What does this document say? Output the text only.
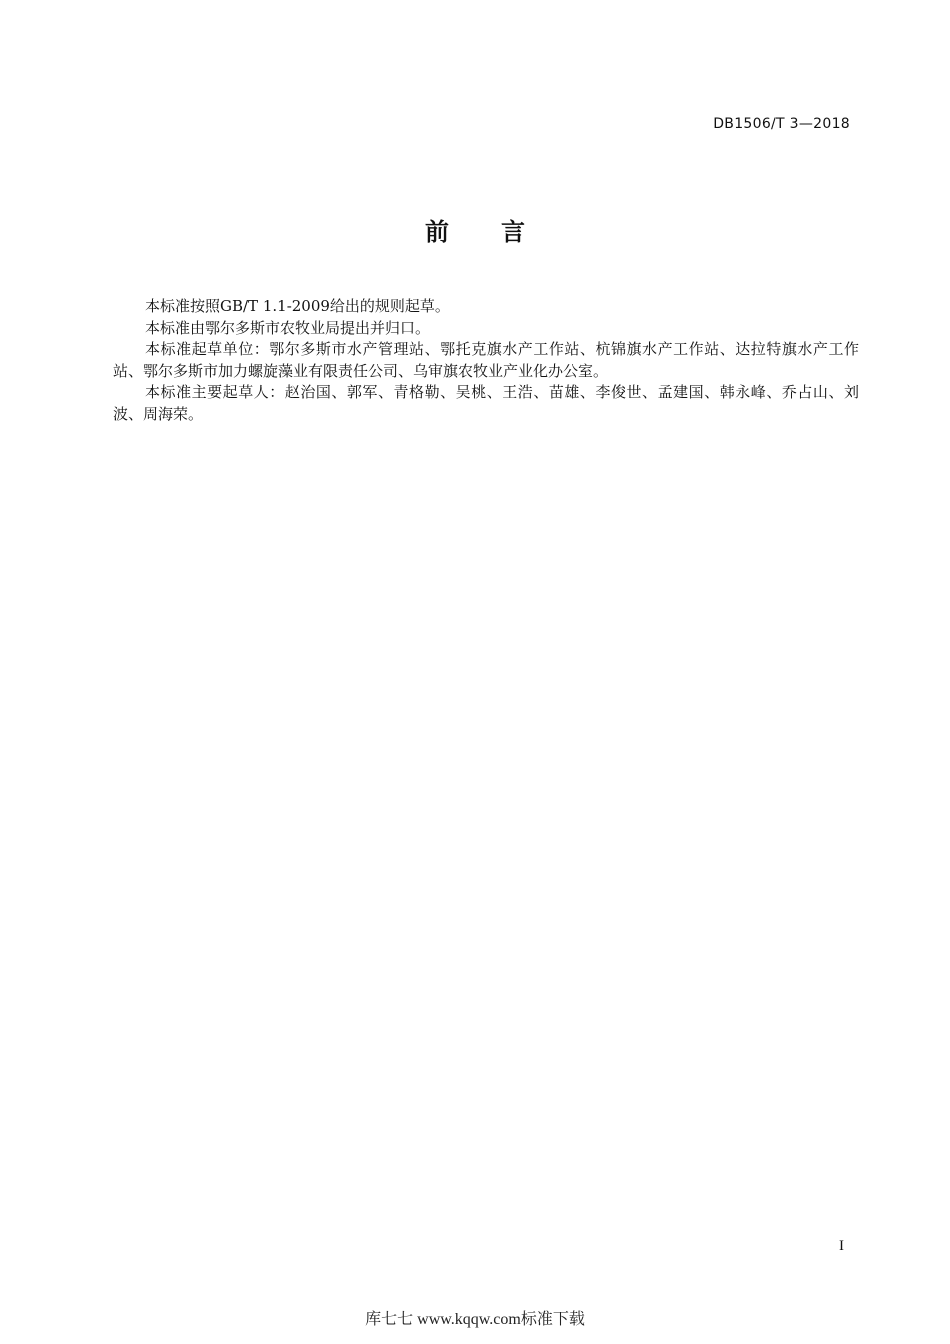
DB1506/T 3—2018
前 言

本标准按照GB/T 1.1-2009给出的规则起草。

本标准由鄂尔多斯市农牧业局提出并归口。

本标准起草单位：鄂尔多斯市水产管理站、鄂托克旗水产工作站、杭锦旗水产工作站、达拉特旗水产工作站、鄂尔多斯市加力螺旋藻业有限责任公司、乌审旗农牧业产业化办公室。

本标准主要起草人：赵治国、郭军、青格勒、吴桃、王浩、苗雄、李俊世、孟建国、韩永峰、乔占山、刘波、周海荣。

I
库七七 www.kqqw.com标准下载
